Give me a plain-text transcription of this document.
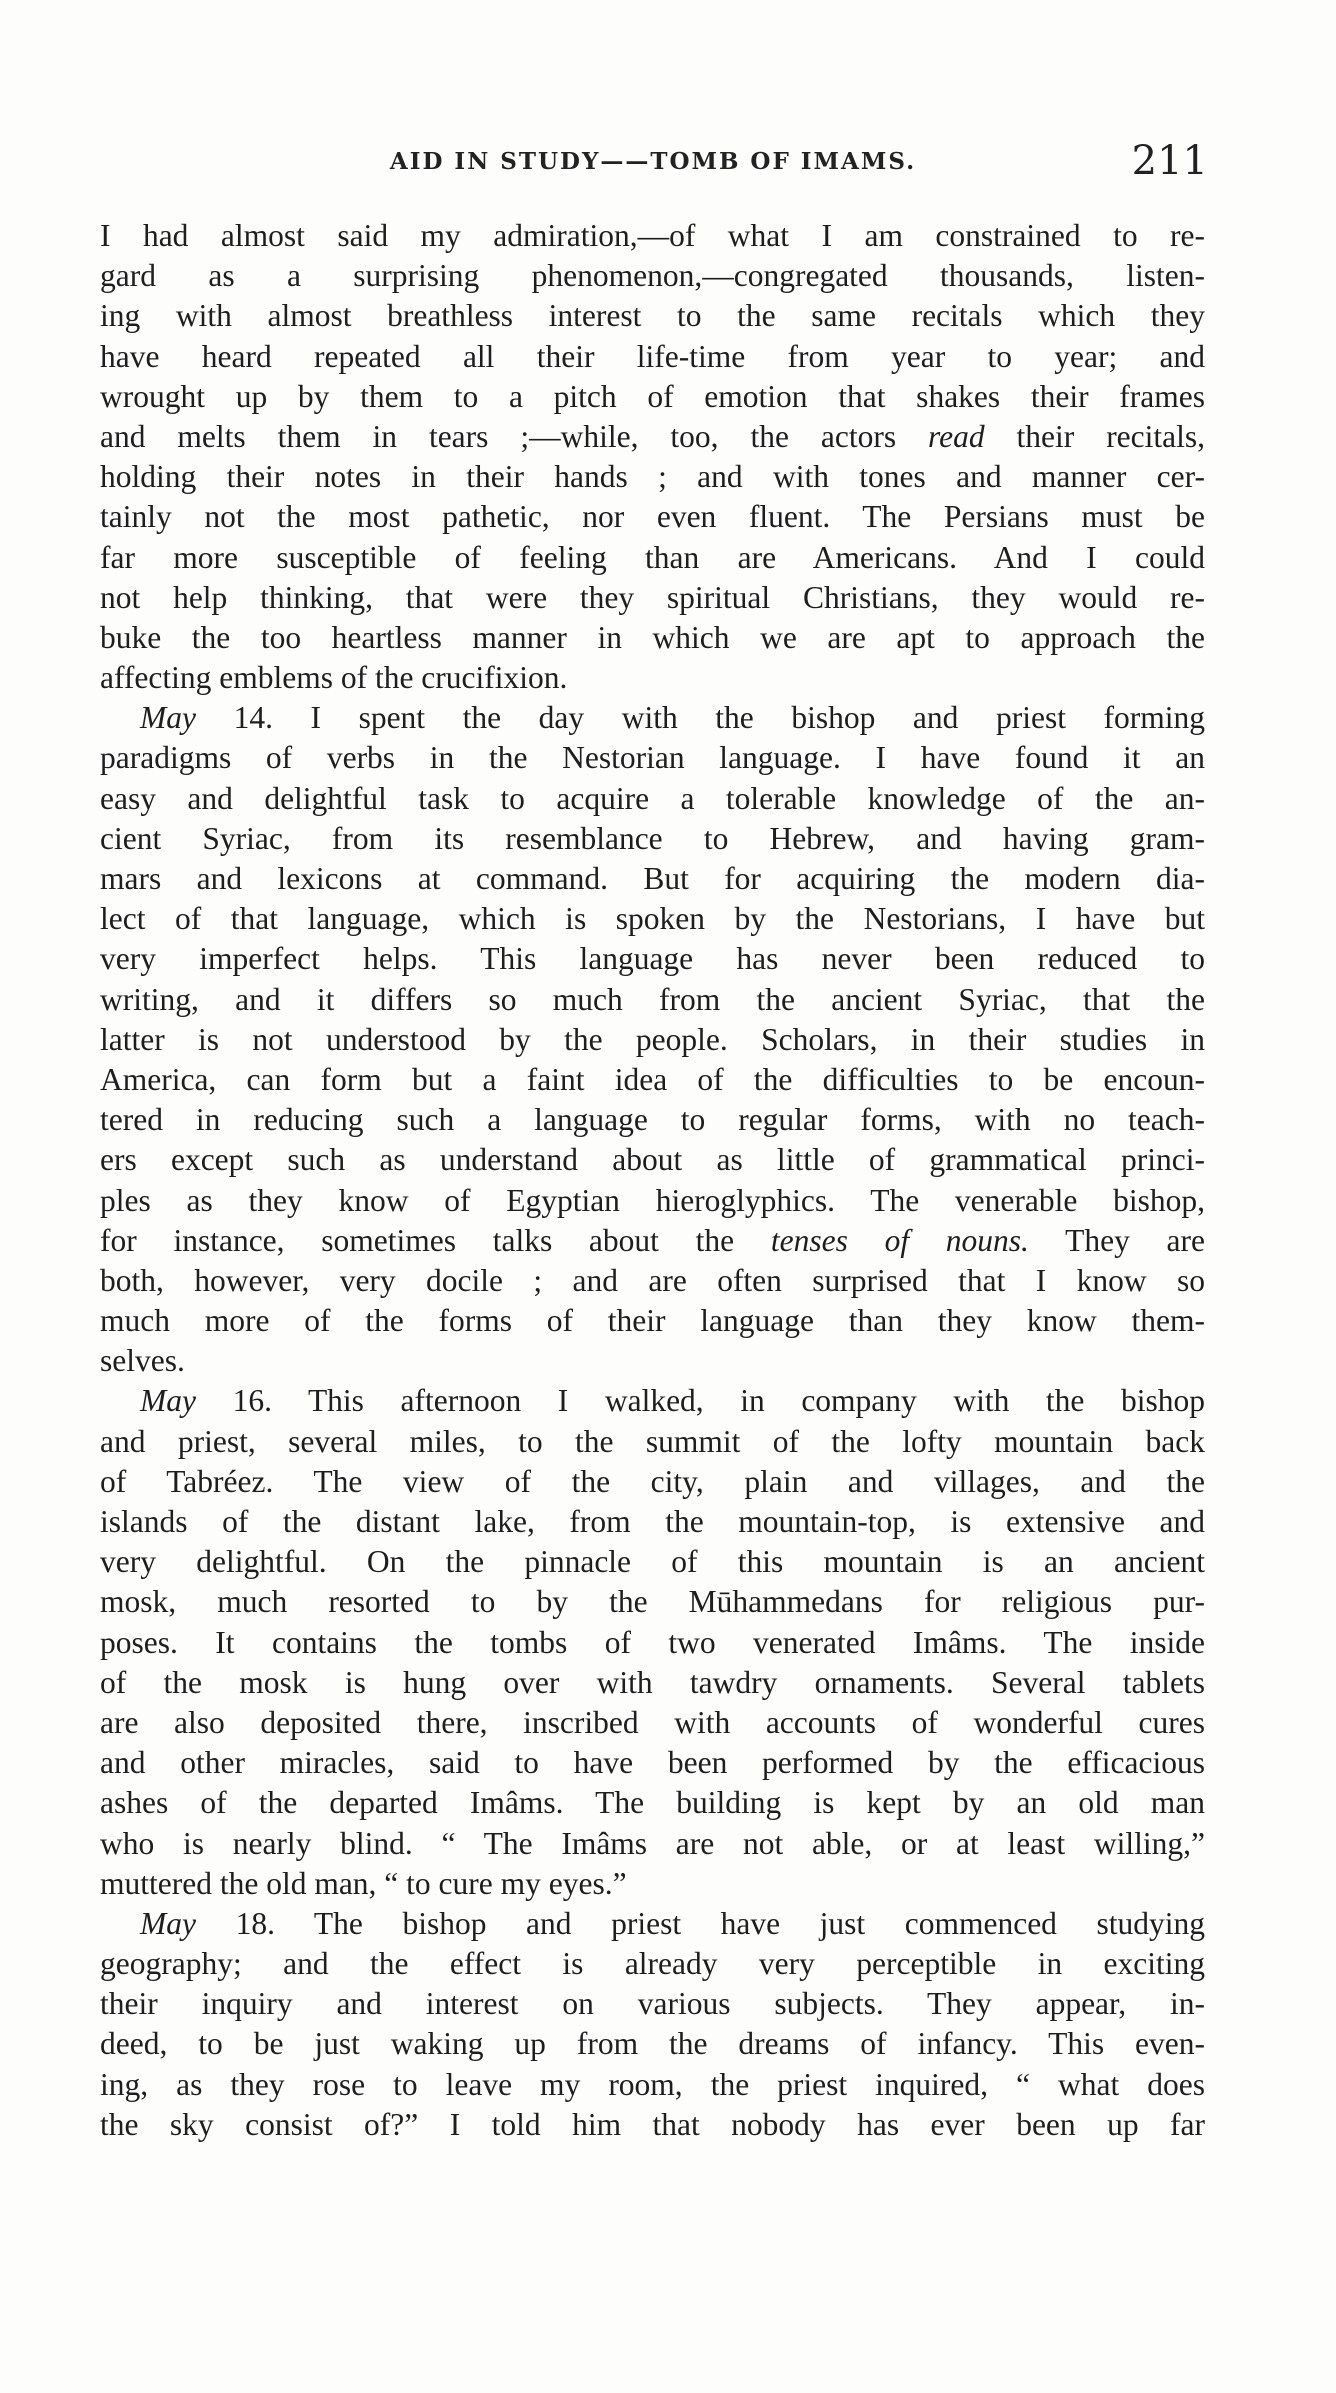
AID IN STUDY——TOMB OF IMAMS.	211
I had almost said my admiration,—of what I am constrained to re-
gard as a surprising phenomenon,—congregated thousands, listen-
ing with almost breathless interest to the same recitals which they
have heard repeated all their life-time from year to year; and
wrought up by them to a pitch of emotion that shakes their frames
and melts them in tears ;—while, too, the actors read their recitals,
holding their notes in their hands ; and with tones and manner cer-
tainly not the most pathetic, nor even fluent. The Persians must be
far more susceptible of feeling than are Americans. And I could
not help thinking, that were they spiritual Christians, they would re-
buke the too heartless manner in which we are apt to approach the
affecting emblems of the crucifixion.
May 14. I spent the day with the bishop and priest forming
paradigms of verbs in the Nestorian language. I have found it an
easy and delightful task to acquire a tolerable knowledge of the an-
cient Syriac, from its resemblance to Hebrew, and having gram-
mars and lexicons at command. But for acquiring the modern dia-
lect of that language, which is spoken by the Nestorians, I have but
very imperfect helps. This language has never been reduced to
writing, and it differs so much from the ancient Syriac, that the
latter is not understood by the people. Scholars, in their studies in
America, can form but a faint idea of the difficulties to be encoun-
tered in reducing such a language to regular forms, with no teach-
ers except such as understand about as little of grammatical princi-
ples as they know of Egyptian hieroglyphics. The venerable bishop,
for instance, sometimes talks about the tenses of nouns. They are
both, however, very docile ; and are often surprised that I know so
much more of the forms of their language than they know them-
selves.
May 16. This afternoon I walked, in company with the bishop
and priest, several miles, to the summit of the lofty mountain back
of Tabréez. The view of the city, plain and villages, and the
islands of the distant lake, from the mountain-top, is extensive and
very delightful. On the pinnacle of this mountain is an ancient
mosk, much resorted to by the Mūhammedans for religious pur-
poses. It contains the tombs of two venerated Imâms. The inside
of the mosk is hung over with tawdry ornaments. Several tablets
are also deposited there, inscribed with accounts of wonderful cures
and other miracles, said to have been performed by the efficacious
ashes of the departed Imâms. The building is kept by an old man
who is nearly blind. “ The Imâms are not able, or at least willing,”
muttered the old man, “ to cure my eyes.”
May 18. The bishop and priest have just commenced studying
geography; and the effect is already very perceptible in exciting
their inquiry and interest on various subjects. They appear, in-
deed, to be just waking up from the dreams of infancy. This even-
ing, as they rose to leave my room, the priest inquired, “ what does
the sky consist of?” I told him that nobody has ever been up far
